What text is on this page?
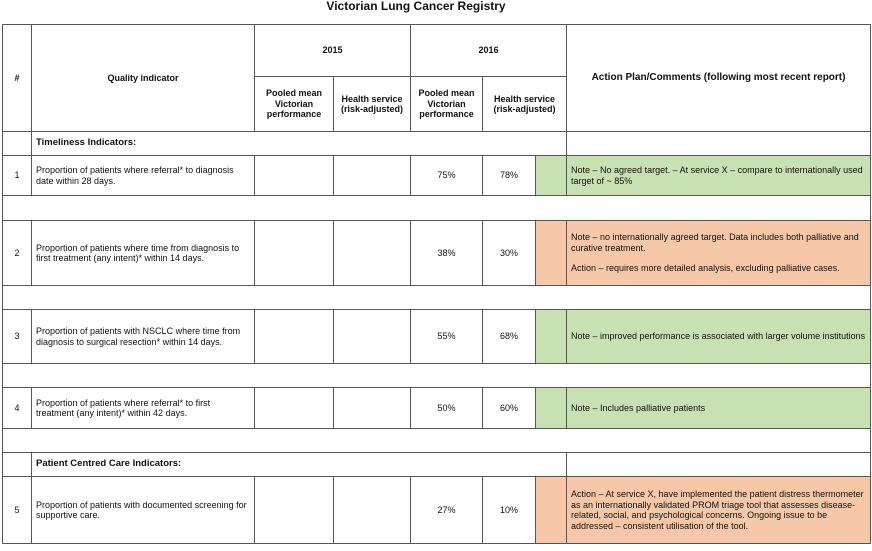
Victorian Lung Cancer Registry
#	Quality indicator	2015		2016			Action Plan/Comments (following most recent report)
		Pooled mean Victorian performance	Health service (risk-adjusted)	Pooled mean Victorian performance	Health service (risk-adjusted)		
	Timeliness Indicators:						
1	Proportion of patients where referral* to diagnosis date within 28 days.			75%	78%		Note – No agreed target. – At service X – compare to internationally used target of ~ 85%

2	Proportion of patients where time from diagnosis to first treatment (any intent)* within 14 days.			38%	30%		Note – no internationally agreed target. Data includes both palliative and curative treatment.

Action – requires more detailed analysis, excluding palliative cases.

3	Proportion of patients with NSCLC where time from diagnosis to surgical resection* within 14 days.			55%	68%		Note – improved performance is associated with larger volume institutions

4	Proportion of patients where referral* to first treatment (any intent)* within 42 days.			50%	60%		Note – Includes palliative patients

	Patient Centred Care Indicators:						
5	Proportion of patients with documented screening for supportive care.			27%	10%		Action – At service X, have implemented the patient distress thermometer as an internationally validated PROM triage tool that assesses disease-related, social, and psychological concerns. Ongoing issue to be addressed – consistent utilisation of the tool.
